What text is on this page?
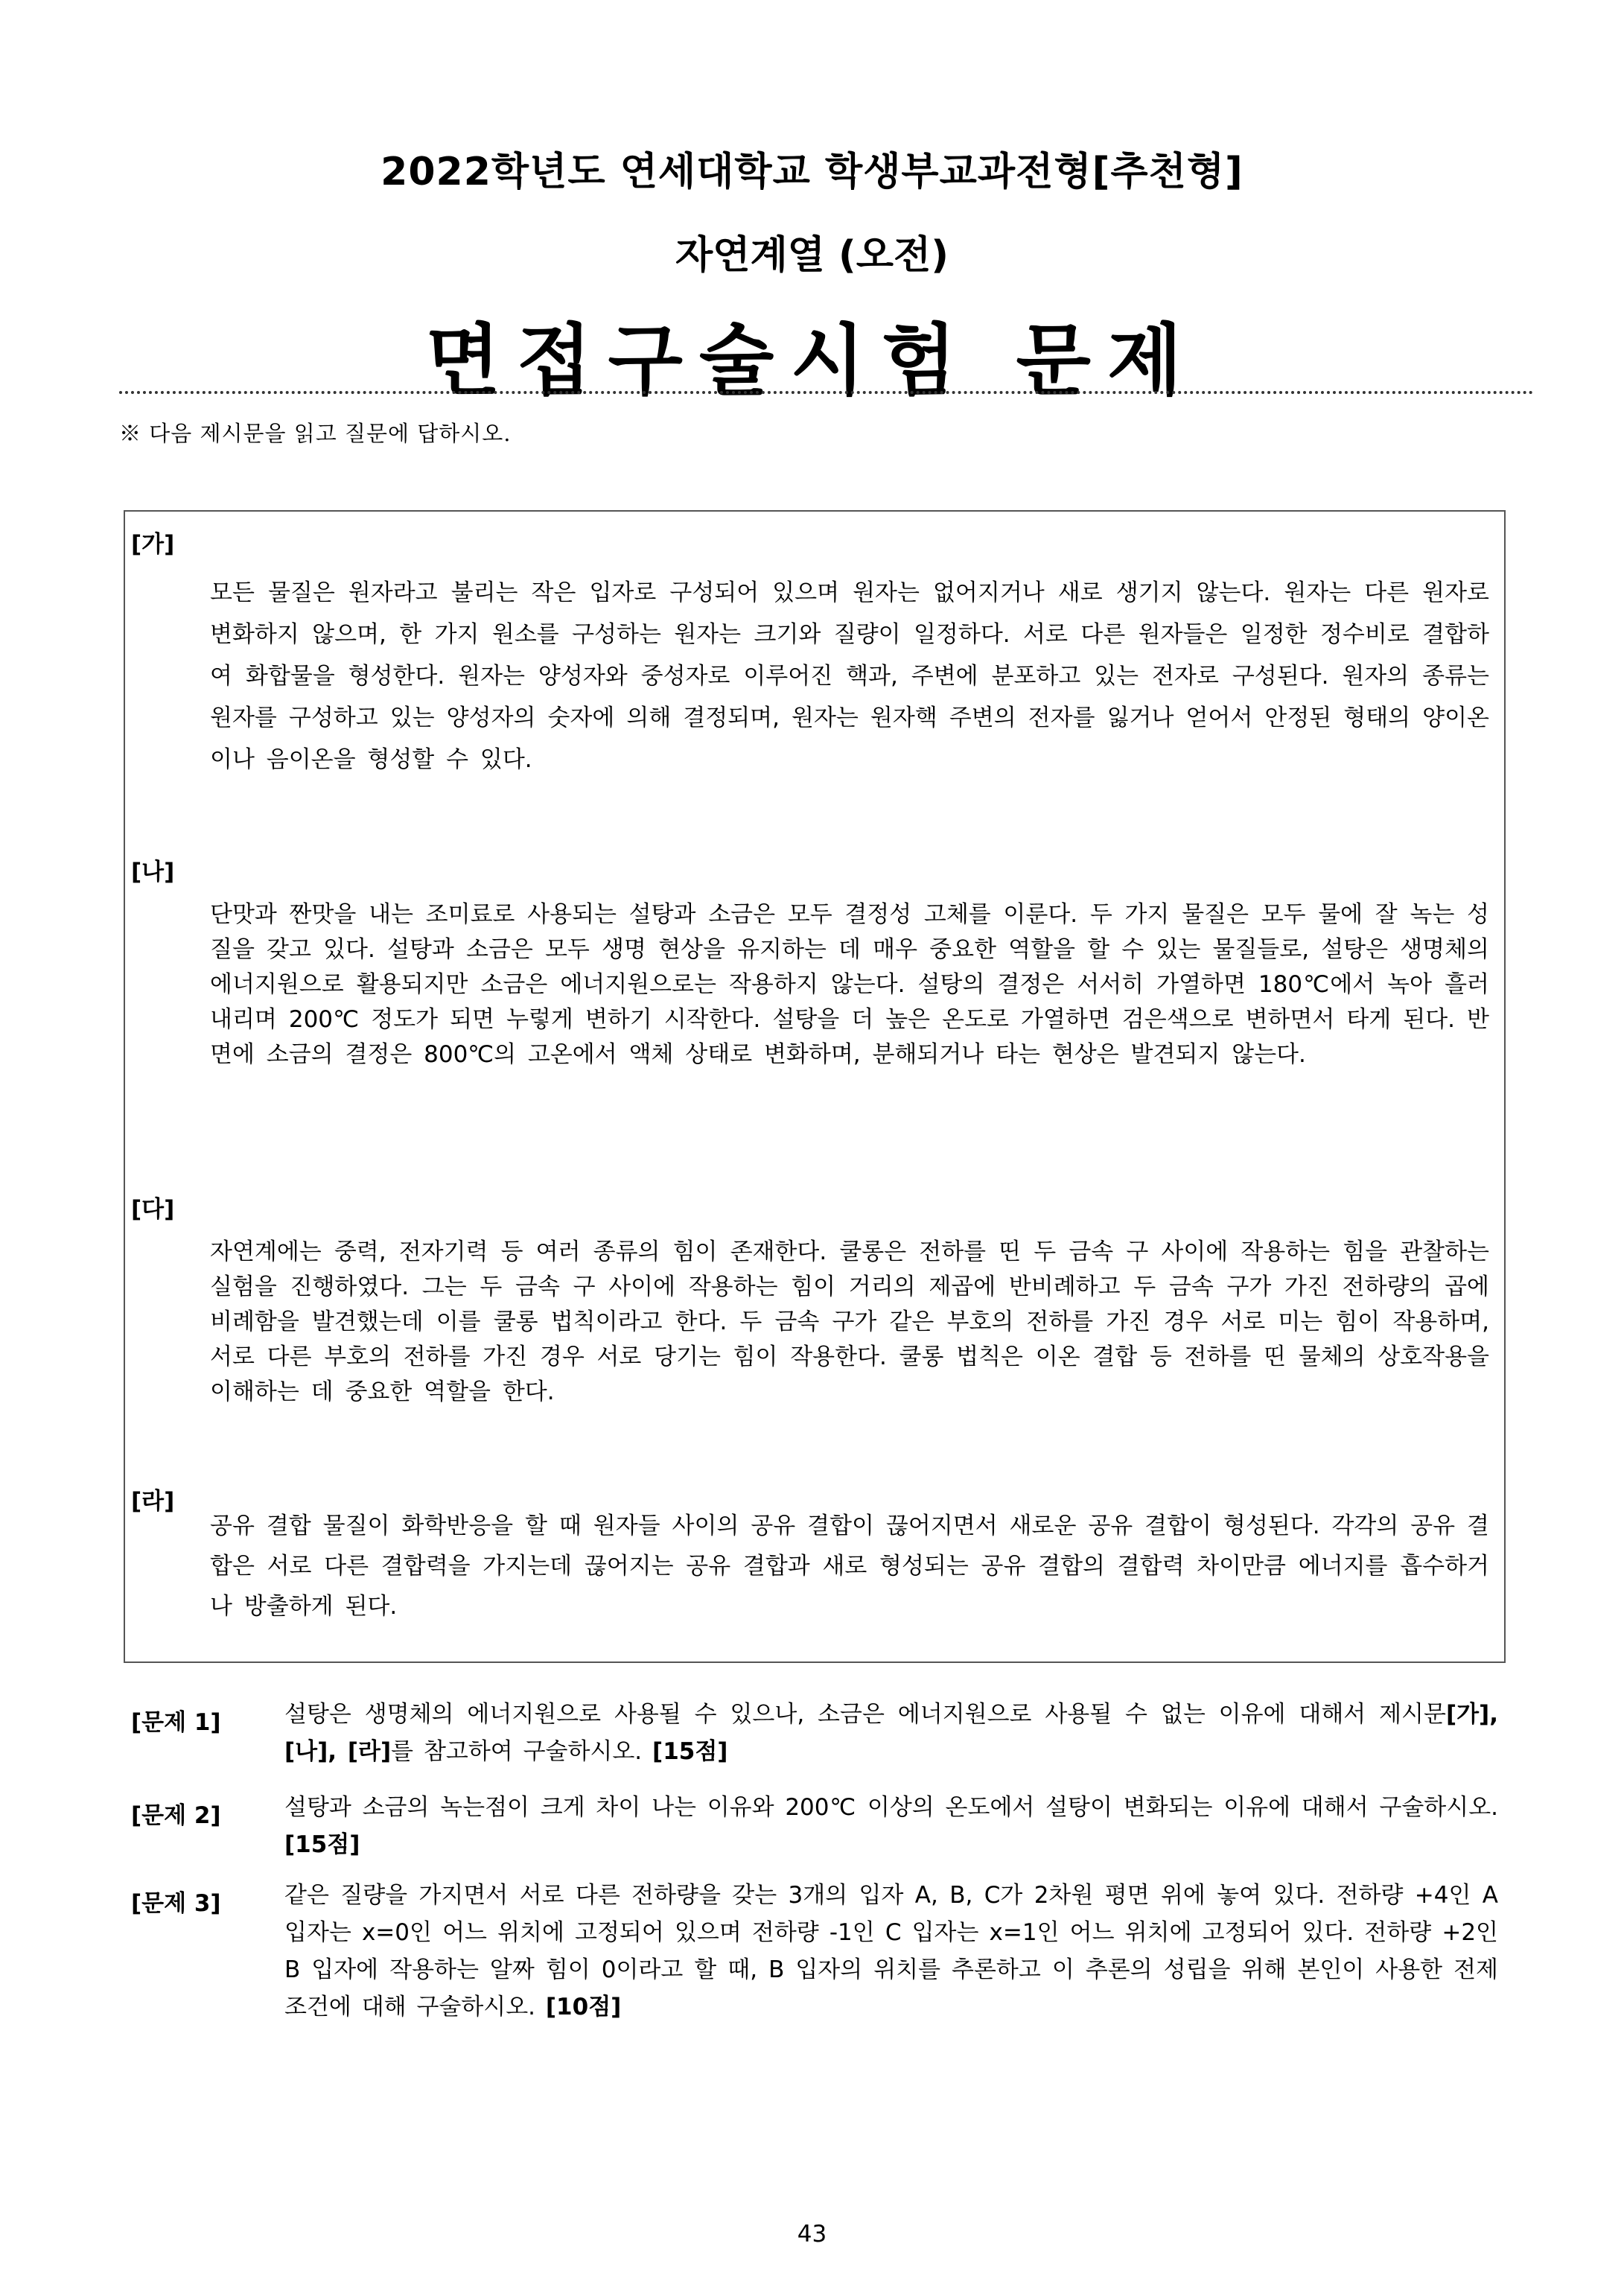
2022학년도 연세대학교 학생부교과전형[추천형]
자연계열 (오전)
면접구술시험 문제
※ 다음 제시문을 읽고 질문에 답하시오.
[가]
모든 물질은 원자라고 불리는 작은 입자로 구성되어 있으며 원자는 없어지거나 새로 생기지 않는다. 원자는 다른 원자로 변화하지 않으며, 한 가지 원소를 구성하는 원자는 크기와 질량이 일정하다. 서로 다른 원자들은 일정한 정수비로 결합하여 화합물을 형성한다. 원자는 양성자와 중성자로 이루어진 핵과, 주변에 분포하고 있는 전자로 구성된다. 원자의 종류는 원자를 구성하고 있는 양성자의 숫자에 의해 결정되며, 원자는 원자핵 주변의 전자를 잃거나 얻어서 안정된 형태의 양이온이나 음이온을 형성할 수 있다.
[나]
단맛과 짠맛을 내는 조미료로 사용되는 설탕과 소금은 모두 결정성 고체를 이룬다. 두 가지 물질은 모두 물에 잘 녹는 성질을 갖고 있다. 설탕과 소금은 모두 생명 현상을 유지하는 데 매우 중요한 역할을 할 수 있는 물질들로, 설탕은 생명체의 에너지원으로 활용되지만 소금은 에너지원으로는 작용하지 않는다. 설탕의 결정은 서서히 가열하면 180℃에서 녹아 흘러내리며 200℃ 정도가 되면 누렇게 변하기 시작한다. 설탕을 더 높은 온도로 가열하면 검은색으로 변하면서 타게 된다. 반면에 소금의 결정은 800℃의 고온에서 액체 상태로 변화하며, 분해되거나 타는 현상은 발견되지 않는다.
[다]
자연계에는 중력, 전자기력 등 여러 종류의 힘이 존재한다. 쿨롱은 전하를 띤 두 금속 구 사이에 작용하는 힘을 관찰하는 실험을 진행하였다. 그는 두 금속 구 사이에 작용하는 힘이 거리의 제곱에 반비례하고 두 금속 구가 가진 전하량의 곱에 비례함을 발견했는데 이를 쿨롱 법칙이라고 한다. 두 금속 구가 같은 부호의 전하를 가진 경우 서로 미는 힘이 작용하며, 서로 다른 부호의 전하를 가진 경우 서로 당기는 힘이 작용한다. 쿨롱 법칙은 이온 결합 등 전하를 띤 물체의 상호작용을 이해하는 데 중요한 역할을 한다.
[라]
공유 결합 물질이 화학반응을 할 때 원자들 사이의 공유 결합이 끊어지면서 새로운 공유 결합이 형성된다. 각각의 공유 결합은 서로 다른 결합력을 가지는데 끊어지는 공유 결합과 새로 형성되는 공유 결합의 결합력 차이만큼 에너지를 흡수하거나 방출하게 된다.
[문제 1]	설탕은 생명체의 에너지원으로 사용될 수 있으나, 소금은 에너지원으로 사용될 수 없는 이유에 대해서 제시문[가], [나], [라]를 참고하여 구술하시오. [15점]
[문제 2]	설탕과 소금의 녹는점이 크게 차이 나는 이유와 200℃ 이상의 온도에서 설탕이 변화되는 이유에 대해서 구술하시오. [15점]
[문제 3]	같은 질량을 가지면서 서로 다른 전하량을 갖는 3개의 입자 A, B, C가 2차원 평면 위에 놓여 있다. 전하량 +4인 A 입자는 x=0인 어느 위치에 고정되어 있으며 전하량 -1인 C 입자는 x=1인 어느 위치에 고정되어 있다. 전하량 +2인 B 입자에 작용하는 알짜 힘이 0이라고 할 때, B 입자의 위치를 추론하고 이 추론의 성립을 위해 본인이 사용한 전제조건에 대해 구술하시오. [10점]
43
